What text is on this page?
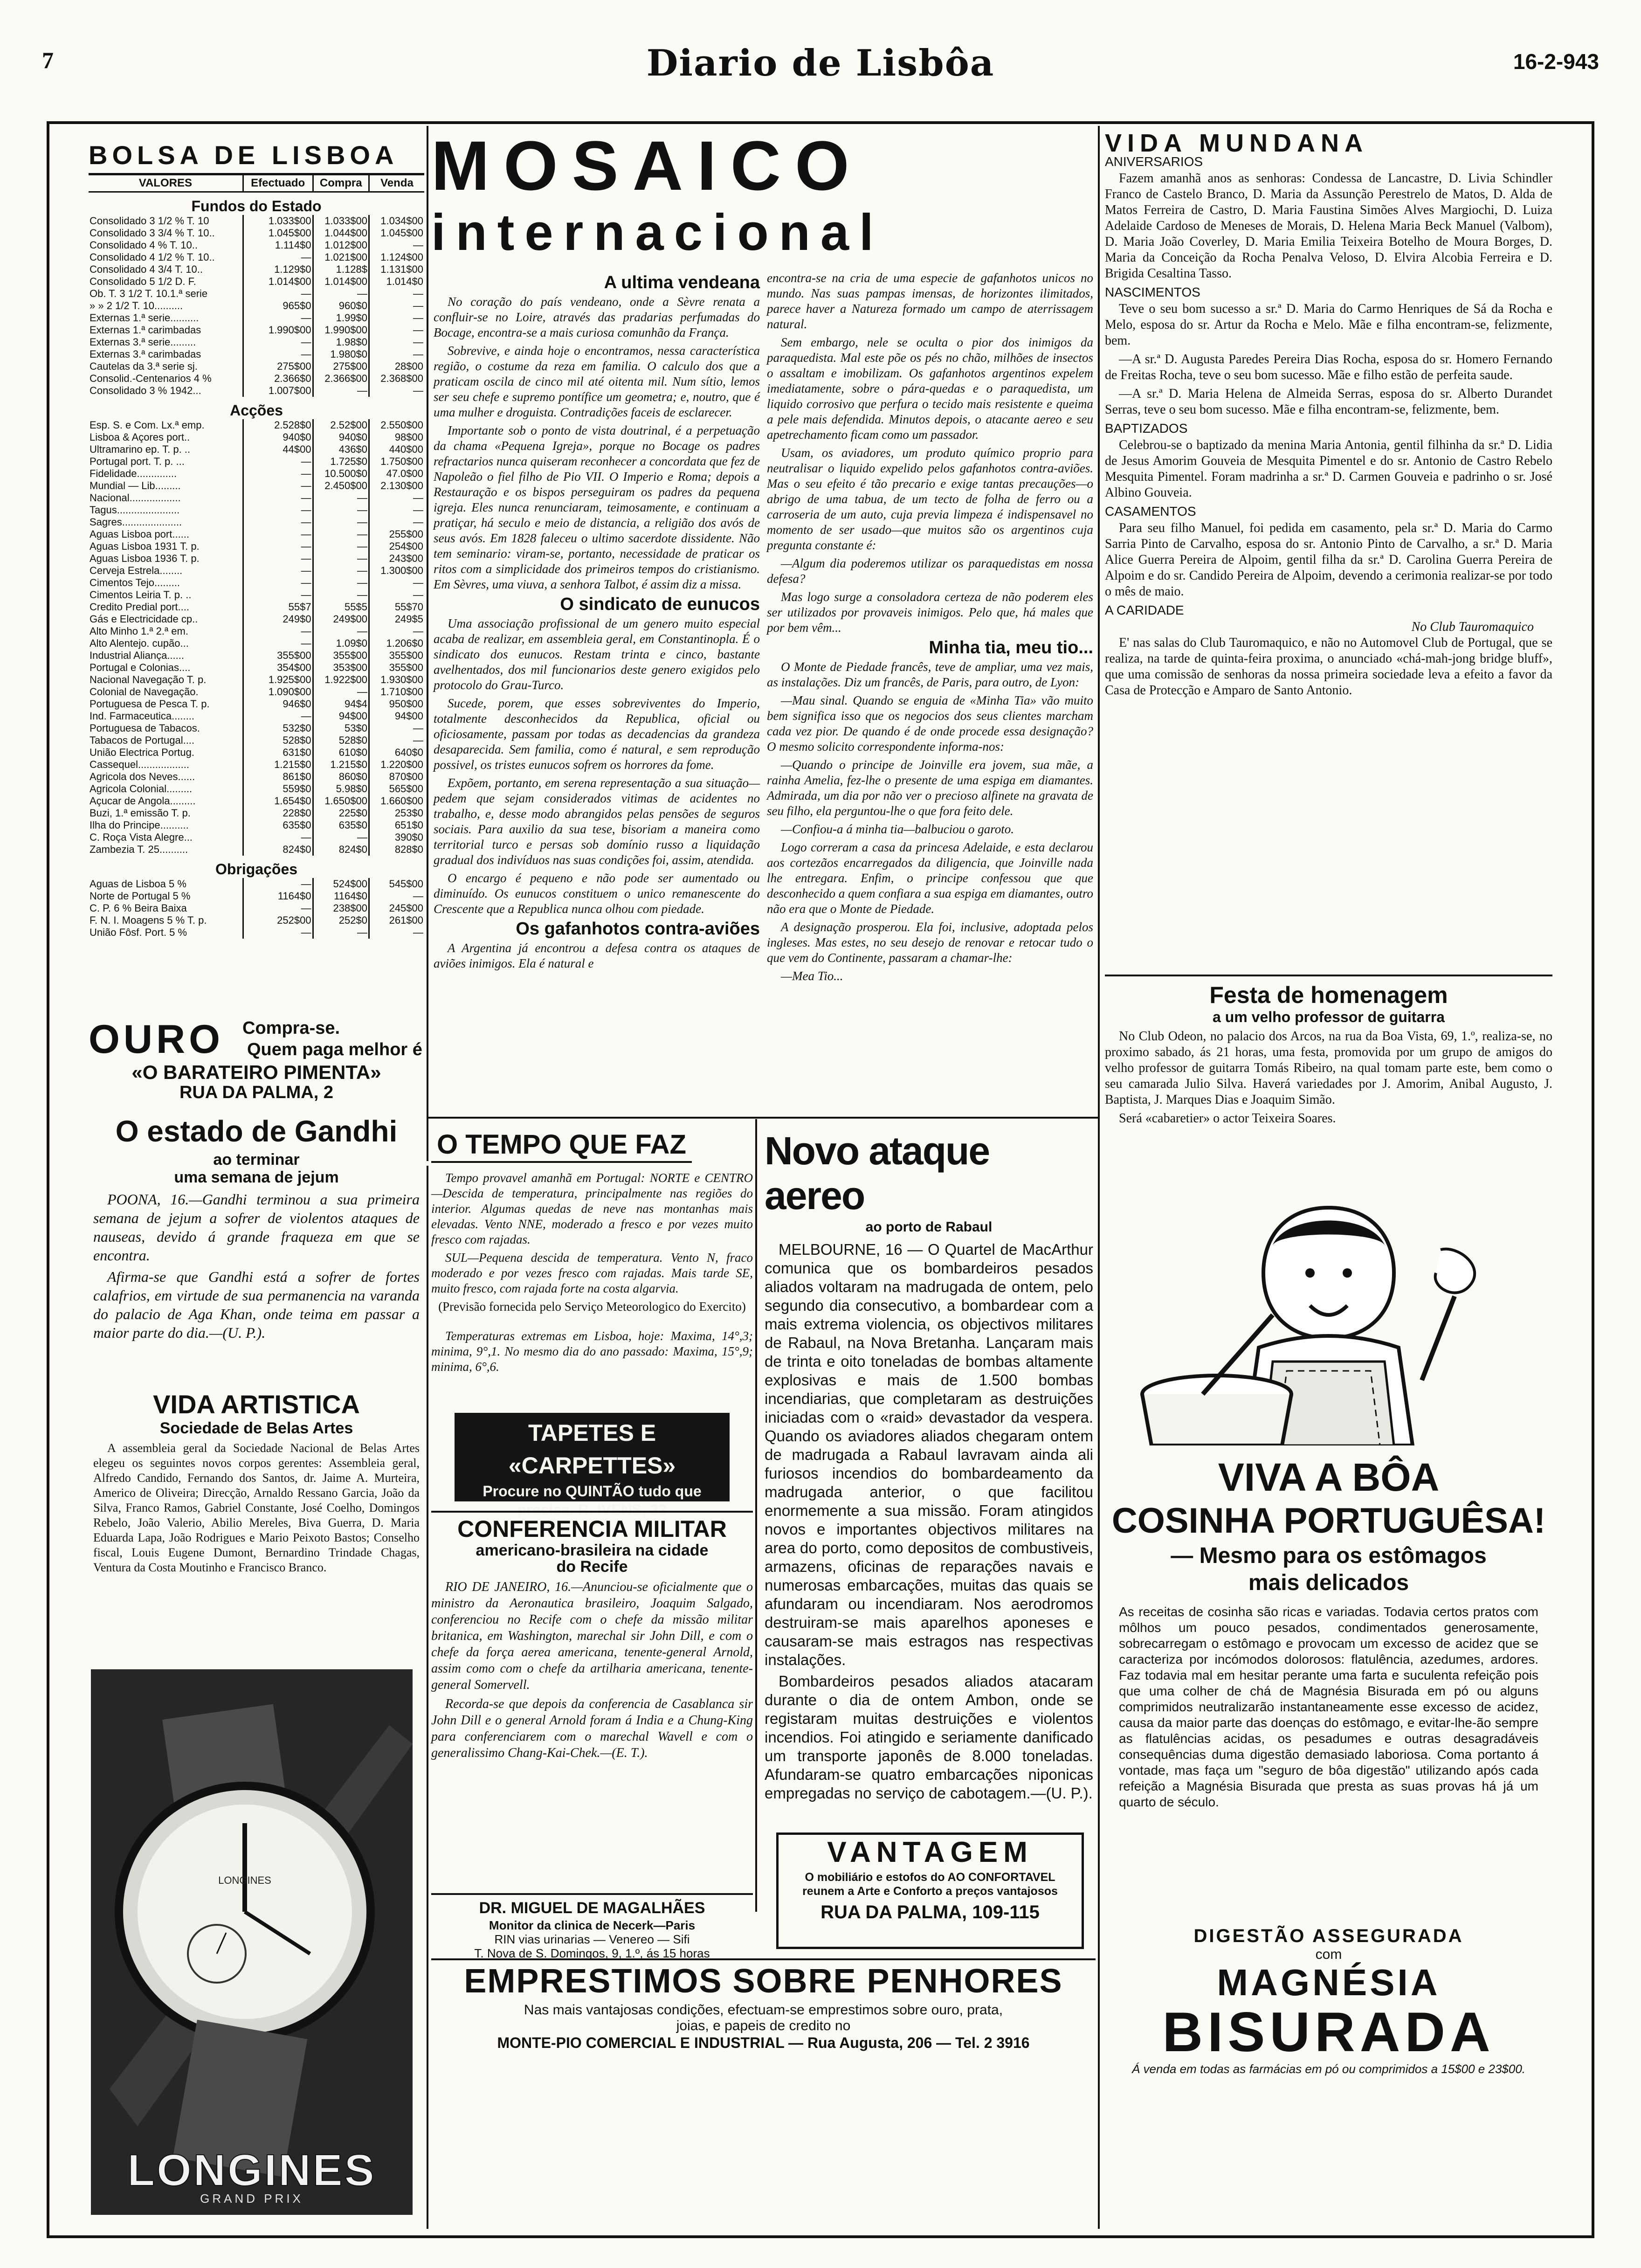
7	Diario de Lisbôa	16-2-943
BOLSA DE LISBOA
VALORES	Efectuado	Compra	Venda
Fundos do Estado			
Consolidado 3 1/2 % T. 10	1.033$00	1.033$00	1.034$00
Consolidado 3 3/4 % T. 10..	1.045$00	1.044$00	1.045$00
Consolidado 4 % T. 10..	1.114$0	1.012$00	—
Consolidado 4 1/2 % T. 10..	—	1.021$00	1.124$00
Consolidado 4 3/4 T. 10..	1.129$0	1.128$	1.131$00
Consolidado 5 1/2 D. F.	1.014$00	1.014$00	1.014$0
Ob. T. 3 1/2 T. 10.1.ª serie	—	—	—
» » 2 1/2 T. 10..........	965$0	960$0	—
Externas 1.ª serie..........	—	1.99$0	—
Externas 1.ª carimbadas	1.990$00	1.990$00	—
Externas 3.ª serie.........	—	1.98$0	—
Externas 3.ª carimbadas	—	1.980$0	—
Cautelas da 3.ª serie sj.	275$00	275$00	28$00
Consolid.-Centenarios 4 %	2.366$0	2.366$00	2.368$00
Consolidado 3 % 1942...	1.007$00	—	—
Acções			
Esp. S. e Com. Lx.ª emp.	2.528$0	2.52$00	2.550$00
Lisboa & Açores port..	940$0	940$0	98$00
Ultramarino ep. T. p. ..	44$00	436$0	440$00
Portugal port. T. p. ...	—	1.725$0	1.750$00
Fidelidade..............	—	10.500$0	47.0$00
Mundial — Lib.........	—	2.450$00	2.130$00
Nacional..................	—	—	—
Tagus......................	—	—	—
Sagres.....................	—	—	—
Aguas Lisboa port......	—	—	255$00
Aguas Lisboa 1931 T. p.	—	—	254$00
Aguas Lisboa 1936 T. p.	—	—	243$00
Cerveja Estrela........	—	—	1.300$00
Cimentos Tejo.........	—	—	—
Cimentos Leiria T. p. ..	—	—	—
Credito Predial port....	55$7	55$5	55$70
Gás e Electricidade cp..	249$0	249$00	249$5
Alto Minho 1.ª 2.ª em.	—	—	—
Alto Alentejo. cupão...	—	1.09$0	1.206$0
Industrial Aliança......	355$00	355$00	355$00
Portugal e Colonias....	354$00	353$00	355$00
Nacional Navegação T. p.	1.925$00	1.922$00	1.930$00
Colonial de Navegação.	1.090$00	—	1.710$00
Portuguesa de Pesca T. p.	946$0	94$4	950$00
Ind. Farmaceutica........	—	94$00	94$00
Portuguesa de Tabacos.	532$0	53$0	—
Tabacos de Portugal....	528$0	528$0	—
União Electrica Portug.	631$0	610$0	640$0
Cassequel..................	1.215$0	1.215$0	1.220$00
Agricola dos Neves......	861$0	860$0	870$00
Agricola Colonial.........	559$0	5.98$0	565$00
Açucar de Angola.........	1.654$0	1.650$00	1.660$00
Buzi, 1.ª emissão T. p.	228$0	225$0	253$0
Ilha do Principe..........	635$0	635$0	651$0
C. Roça Vista Alegre...	—	—	390$0
Zambezia T. 25..........	824$0	824$0	828$0
Obrigações			
Aguas de Lisboa 5 %	—	524$00	545$00
Norte de Portugal 5 %	1164$0	1164$0	—
C. P. 6 % Beira Baixa	—	238$00	245$00
F. N. I. Moagens 5 % T. p.	252$00	252$0	261$00
União Fôsf. Port. 5 %	—	—	—
OURO Compra-se.
Quem paga melhor é
«O BARATEIRO PIMENTA»
RUA DA PALMA, 2
O estado de Gandhi
ao terminar
uma semana de jejum

POONA, 16.—Gandhi terminou a sua primeira semana de jejum a sofrer de violentos ataques de nauseas, devido á grande fraqueza em que se encontra.

Afirma-se que Gandhi está a sofrer de fortes calafrios, em virtude de sua permanencia na varanda do palacio de Aga Khan, onde teima em passar a maior parte do dia.—(U. P.).

VIDA ARTISTICA
Sociedade de Belas Artes

A assembleia geral da Sociedade Nacional de Belas Artes elegeu os seguintes novos corpos gerentes: Assembleia geral, Alfredo Candido, Fernando dos Santos, dr. Jaime A. Murteira, Americo de Oliveira; Direcção, Arnaldo Ressano Garcia, João da Silva, Franco Ramos, Gabriel Constante, José Coelho, Domingos Rebelo, João Valerio, Abilio Mereles, Biva Guerra, D. Maria Eduarda Lapa, João Rodrigues e Mario Peixoto Bastos; Conselho fiscal, Louis Eugene Dumont, Bernardino Trindade Chagas, Ventura da Costa Moutinho e Francisco Branco.

LONGINES
LONGINES
GRAND PRIX
MOSAICO
internacional
A ultima vendeana

No coração do país vendeano, onde a Sèvre renata a confluir-se no Loire, através das pradarias perfumadas do Bocage, encontra-se a mais curiosa comunhão da França.

Sobrevive, e ainda hoje o encontramos, nessa característica região, o costume da reza em familia. O calculo dos que a praticam oscila de cinco mil até oitenta mil. Num sítio, lemos ser seu chefe e supremo pontífice um geometra; e, noutro, que é uma mulher e droguista. Contradições faceis de esclarecer.

Importante sob o ponto de vista doutrinal, é a perpetuação da chama «Pequena Igreja», porque no Bocage os padres refractarios nunca quiseram reconhecer a concordata que fez de Napoleão o fiel filho de Pio VII. O Imperio e Roma; depois a Restauração e os bispos perseguiram os padres da pequena igreja. Eles nunca renunciaram, teimosamente, e continuam a pratiçar, há seculo e meio de distancia, a religião dos avós de seus avós. Em 1828 faleceu o ultimo sacerdote dissidente. Não tem seminario: viram-se, portanto, necessidade de praticar os ritos com a simplicidade dos primeiros tempos do cristianismo. Em Sèvres, uma viuva, a senhora Talbot, é assim diz a missa.

O sindicato de eunucos

Uma associação profissional de um genero muito especial acaba de realizar, em assembleia geral, em Constantinopla. É o sindicato dos eunucos. Restam trinta e cinco, bastante avelhentados, dos mil funcionarios deste genero exigidos pelo protocolo do Grau-Turco.

Sucede, porem, que esses sobreviventes do Imperio, totalmente desconhecidos da Republica, oficial ou oficiosamente, passam por todas as decadencias da grandeza desaparecida. Sem familia, como é natural, e sem reprodução possivel, os tristes eunucos sofrem os horrores da fome.

Expõem, portanto, em serena representação a sua situação—pedem que sejam considerados vitimas de acidentes no trabalho, e, desse modo abrangidos pelas pensões de seguros sociais. Para auxilio da sua tese, bisoriam a maneira como territorial turco e persas sob domínio russo a liquidação gradual dos indivíduos nas suas condições foi, assim, atendida.

O encargo é pequeno e não pode ser aumentado ou diminuído. Os eunucos constituem o unico remanescente do Crescente que a Republica nunca olhou com piedade.

Os gafanhotos contra-aviões

A Argentina já encontrou a defesa contra os ataques de aviões inimigos. Ela é natural e

encontra-se na cria de uma especie de gafanhotos unicos no mundo. Nas suas pampas imensas, de horizontes ilimitados, parece haver a Natureza formado um campo de aterrissagem natural.

Sem embargo, nele se oculta o pior dos inimigos da paraquedista. Mal este põe os pés no chão, milhões de insectos o assaltam e imobilizam. Os gafanhotos argentinos expelem imediatamente, sobre o pára-quedas e o paraquedista, um liquido corrosivo que perfura o tecido mais resistente e queima a pele mais defendida. Minutos depois, o atacante aereo e seu apetrechamento ficam como um passador.

Usam, os aviadores, um produto químico proprio para neutralisar o liquido expelido pelos gafanhotos contra-aviões. Mas o seu efeito é tão precario e exige tantas precauções—o abrigo de uma tabua, de um tecto de folha de ferro ou a carroseria de um auto, cuja previa limpeza é indispensavel no momento de ser usado—que muitos são os argentinos cuja pregunta constante é:

—Algum dia poderemos utilizar os paraquedistas em nossa defesa?

Mas logo surge a consoladora certeza de não poderem eles ser utilizados por provaveis inimigos. Pelo que, há males que por bem vêm...

Minha tia, meu tio...

O Monte de Piedade francês, teve de ampliar, uma vez mais, as instalações. Diz um francês, de Paris, para outro, de Lyon:

—Mau sinal. Quando se enguia de «Minha Tia» vão muito bem significa isso que os negocios dos seus clientes marcham cada vez pior. De quando é de onde procede essa designação? O mesmo solicito correspondente informa-nos:

—Quando o principe de Joinville era jovem, sua mãe, a rainha Amelia, fez-lhe o presente de uma espiga em diamantes. Admirada, um dia por não ver o precioso alfinete na gravata de seu filho, ela perguntou-lhe o que fora feito dele.

—Confiou-a á minha tia—balbuciou o garoto.

Logo correram a casa da princesa Adelaide, e esta declarou aos cortezãos encarregados da diligencia, que Joinville nada lhe entregara. Enfim, o principe confessou que que desconhecido a quem confiara a sua espiga em diamantes, outro não era que o Monte de Piedade.

A designação prosperou. Ela foi, inclusive, adoptada pelos ingleses. Mas estes, no seu desejo de renovar e retocar tudo o que vem do Continente, passaram a chamar-lhe:

—Mea Tio...

O TEMPO QUE FAZ

Tempo provavel amanhã em Portugal: NORTE e CENTRO—Descida de temperatura, principalmente nas regiões do interior. Algumas quedas de neve nas montanhas mais elevadas. Vento NNE, moderado a fresco e por vezes muito fresco com rajadas.

SUL—Pequena descida de temperatura. Vento N, fraco moderado e por vezes fresco com rajadas. Mais tarde SE, muito fresco, com rajada forte na costa algarvia.

(Previsão fornecida pelo Serviço Meteorologico do Exercito)

Temperaturas extremas em Lisboa, hoje: Maxima, 14°,3; minima, 9°,1. No mesmo dia do ano passado: Maxima, 15°,9; minima, 6°,6.

TAPETES E «CARPETTES»
Procure no QUINTÃO tudo que
precisa. R. IVENS, 32
CONFERENCIA MILITAR
americano-brasileira na cidade
do Recife

RIO DE JANEIRO, 16.—Anunciou-se oficialmente que o ministro da Aeronautica brasileiro, Joaquim Salgado, conferenciou no Recife com o chefe da missão militar britanica, em Washington, marechal sir John Dill, e com o chefe da força aerea americana, tenente-general Arnold, assim como com o chefe da artilharia americana, tenente-general Somervell.

Recorda-se que depois da conferencia de Casablanca sir John Dill e o general Arnold foram á India e a Chung-King para conferenciarem com o marechal Wavell e com o generalissimo Chang-Kai-Chek.—(E. T.).

DR. MIGUEL DE MAGALHÃES
Monitor da clinica de Necerk—Paris
RIN vias urinarias — Venereo — Sifi
T. Nova de S. Domingos, 9, 1.º, ás 15 horas
Novo ataque aereo
ao porto de Rabaul

MELBOURNE, 16 — O Quartel de MacArthur comunica que os bombardeiros pesados aliados voltaram na madrugada de ontem, pelo segundo dia consecutivo, a bombardear com a mais extrema violencia, os objectivos militares de Rabaul, na Nova Bretanha. Lançaram mais de trinta e oito toneladas de bombas altamente explosivas e mais de 1.500 bombas incendiarias, que completaram as destruições iniciadas com o «raid» devastador da vespera. Quando os aviadores aliados chegaram ontem de madrugada a Rabaul lavravam ainda ali furiosos incendios do bombardeamento da madrugada anterior, o que facilitou enormemente a sua missão. Foram atingidos novos e importantes objectivos militares na area do porto, como depositos de combustiveis, armazens, oficinas de reparações navais e numerosas embarcações, muitas das quais se afundaram ou incendiaram. Nos aerodromos destruiram-se mais aparelhos aponeses e causaram-se mais estragos nas respectivas instalações.

Bombardeiros pesados aliados atacaram durante o dia de ontem Ambon, onde se registaram muitas destruições e violentos incendios. Foi atingido e seriamente danificado um transporte japonês de 8.000 toneladas. Afundaram-se quatro embarcações niponicas empregadas no serviço de cabotagem.—(U. P.).

VANTAGEM
O mobiliário e estofos do AO CONFORTAVEL reunem a Arte e Conforto a preços vantajosos
RUA DA PALMA, 109-115
EMPRESTIMOS SOBRE PENHORES
Nas mais vantajosas condições, efectuam-se emprestimos sobre ouro, prata,
joias, e papeis de credito no
MONTE-PIO COMERCIAL E INDUSTRIAL — Rua Augusta, 206 — Tel. 2 3916
VIDA MUNDANA
ANIVERSARIOS

Fazem amanhã anos as senhoras: Condessa de Lancastre, D. Livia Schindler Franco de Castelo Branco, D. Maria da Assunção Perestrelo de Matos, D. Alda de Matos Ferreira de Castro, D. Maria Faustina Simões Alves Margiochi, D. Luiza Adelaide Cardoso de Meneses de Morais, D. Helena Maria Beck Manuel (Valbom), D. Maria João Coverley, D. Maria Emilia Teixeira Botelho de Moura Borges, D. Maria da Conceição da Rocha Penalva Veloso, D. Elvira Alcobia Ferreira e D. Brigida Cesaltina Tasso.

NASCIMENTOS

Teve o seu bom sucesso a sr.ª D. Maria do Carmo Henriques de Sá da Rocha e Melo, esposa do sr. Artur da Rocha e Melo. Mãe e filha encontram-se, felizmente, bem.

—A sr.ª D. Augusta Paredes Pereira Dias Rocha, esposa do sr. Homero Fernando de Freitas Rocha, teve o seu bom sucesso. Mãe e filho estão de perfeita saude.

—A sr.ª D. Maria Helena de Almeida Serras, esposa do sr. Alberto Durandet Serras, teve o seu bom sucesso. Mãe e filha encontram-se, felizmente, bem.

BAPTIZADOS

Celebrou-se o baptizado da menina Maria Antonia, gentil filhinha da sr.ª D. Lidia de Jesus Amorim Gouveia de Mesquita Pimentel e do sr. Antonio de Castro Rebelo Mesquita Pimentel. Foram madrinha a sr.ª D. Carmen Gouveia e padrinho o sr. José Albino Gouveia.

CASAMENTOS

Para seu filho Manuel, foi pedida em casamento, pela sr.ª D. Maria do Carmo Sarria Pinto de Carvalho, esposa do sr. Antonio Pinto de Carvalho, a sr.ª D. Maria Alice Guerra Pereira de Alpoim, gentil filha da sr.ª D. Carolina Guerra Pereira de Alpoim e do sr. Candido Pereira de Alpoim, devendo a cerimonia realizar-se por todo o mês de maio.

A CARIDADE
No Club Tauromaquico

E' nas salas do Club Tauromaquico, e não no Automovel Club de Portugal, que se realiza, na tarde de quinta-feira proxima, o anunciado «chá-mah-jong bridge bluff», que uma comissão de senhoras da nossa primeira sociedade leva a efeito a favor da Casa de Protecção e Amparo de Santo Antonio.

Festa de homenagem
a um velho professor de guitarra

No Club Odeon, no palacio dos Arcos, na rua da Boa Vista, 69, 1.º, realiza-se, no proximo sabado, ás 21 horas, uma festa, promovida por um grupo de amigos do velho professor de guitarra Tomás Ribeiro, na qual tomam parte este, bem como o seu camarada Julio Silva. Haverá variedades por J. Amorim, Anibal Augusto, J. Baptista, J. Marques Dias e Joaquim Simão.

Será «cabaretier» o actor Teixeira Soares.

VIVA A BÔA
COSINHA PORTUGUÊSA!
— Mesmo para os estômagos
mais delicados
As receitas de cosinha são ricas e variadas. Todavia certos pratos com môlhos um pouco pesados, condimentados generosamente, sobrecarregam o estômago e provocam um excesso de acidez que se caracteriza por incómodos dolorosos: flatulência, azedumes, ardores. Faz todavia mal em hesitar perante uma farta e suculenta refeição pois que uma colher de chá de Magnésia Bisurada em pó ou alguns comprimidos neutralizarão instantaneamente esse excesso de acidez, causa da maior parte das doenças do estômago, e evitar-lhe-ão sempre as flatulências acidas, os pesadumes e outras desagradáveis consequências duma digestão demasiado laboriosa. Coma portanto á vontade, mas faça um "seguro de bôa digestão" utilizando após cada refeição a Magnésia Bisurada que presta as suas provas há já um quarto de século.
DIGESTÃO ASSEGURADA
com
MAGNÉSIA
BISURADA
Á venda em todas as farmácias em pó ou comprimidos a 15$00 e 23$00.
